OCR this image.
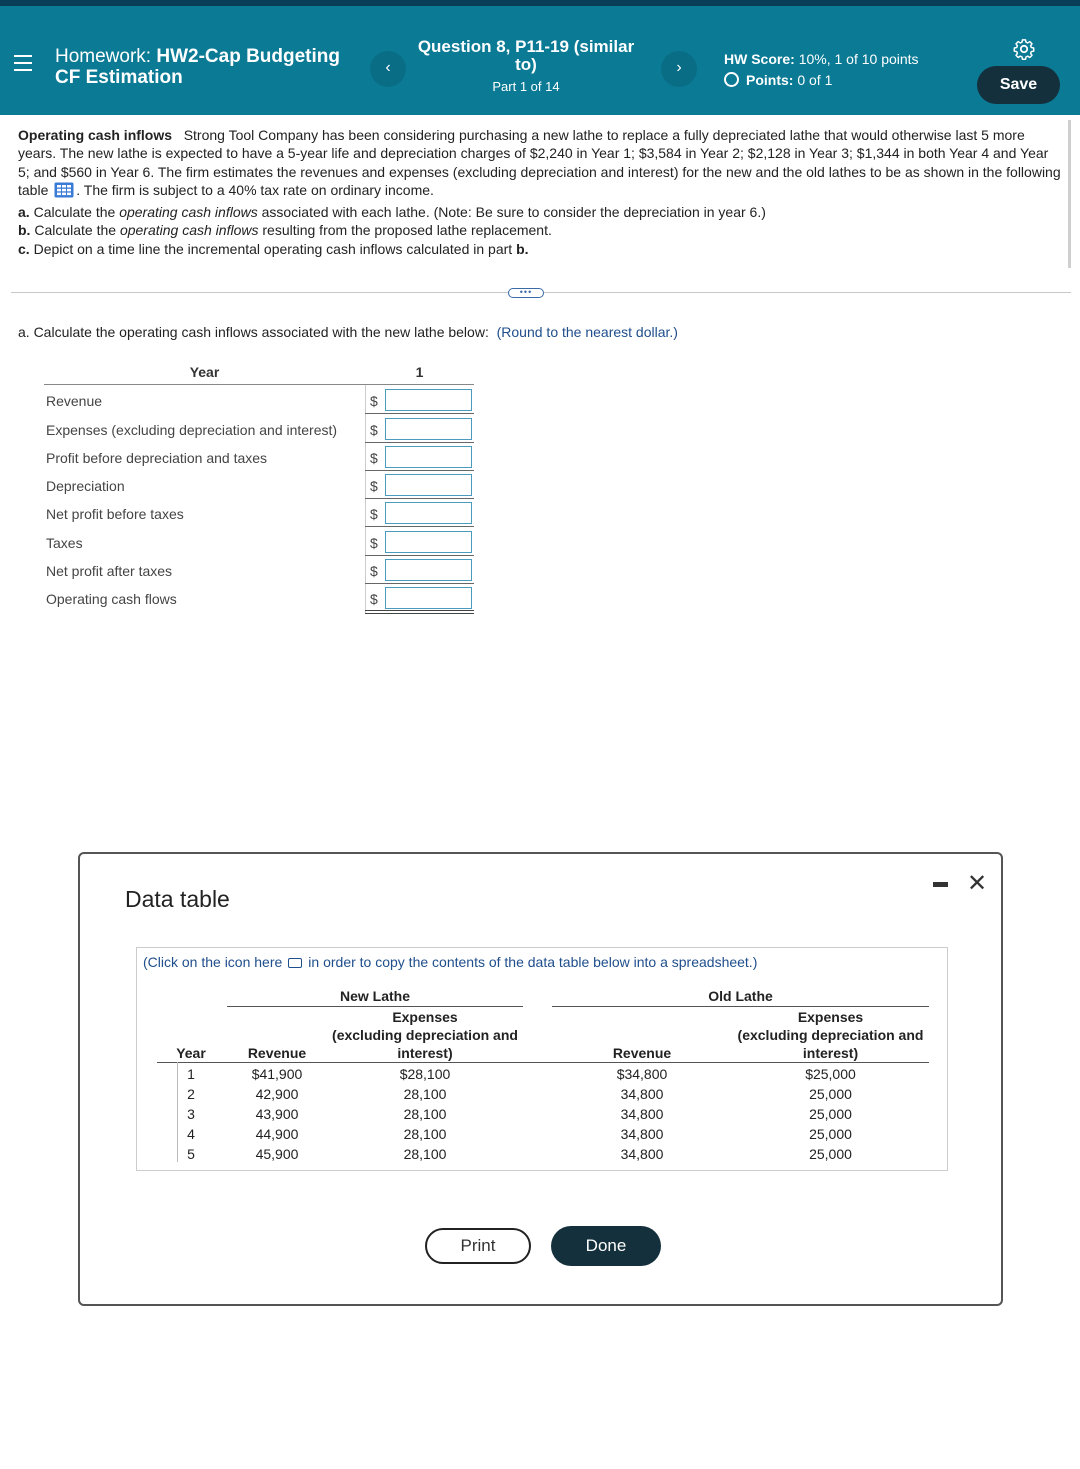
Homework: HW2-Cap Budgeting
CF Estimation	‹
Question 8, P11-19 (similar to)
Part 1 of 14
›	HW Score: 10%, 1 of 10 points
Points: 0 of 1	Save
Operating cash inflows Strong Tool Company has been considering purchasing a new lathe to replace a fully depreciated lathe that would otherwise last 5 more years. The new lathe is expected to have a 5-year life and depreciation charges of $2,240 in Year 1; $3,584 in Year 2; $2,128 in Year 3; $1,344 in both Year 4 and Year 5; and $560 in Year 6. The firm estimates the revenues and expenses (excluding depreciation and interest) for the new and the old lathes to be as shown in the following table . The firm is subject to a 40% tax rate on ordinary income.
a. Calculate the operating cash inflows associated with each lathe. (Note: Be sure to consider the depreciation in year 6.)
b. Calculate the operating cash inflows resulting from the proposed lathe replacement.
c. Depict on a time line the incremental operating cash inflows calculated in part b.
•••
a. Calculate the operating cash inflows associated with the new lathe below: (Round to the nearest dollar.)
Year	1
Revenue	$
Expenses (excluding depreciation and interest) $
Profit before depreciation and taxes	$
Depreciation	$
Net profit before taxes	$
Taxes	$
Net profit after taxes	$
Operating cash flows	$
Data table
✕
(Click on the icon here in order to copy the contents of the data table below into a spreadsheet.)
New Lathe	Old Lathe
Year	Revenue
Expenses
(excluding depreciation and
interest)	Revenue
Expenses
(excluding depreciation and
interest)
1	$41,900	$28,100	$34,800	$25,000
2	42,900	28,100	34,800	25,000
3	43,900	28,100	34,800	25,000
4	44,900	28,100	34,800	25,000
5	45,900	28,100	34,800	25,000
Print	Done
